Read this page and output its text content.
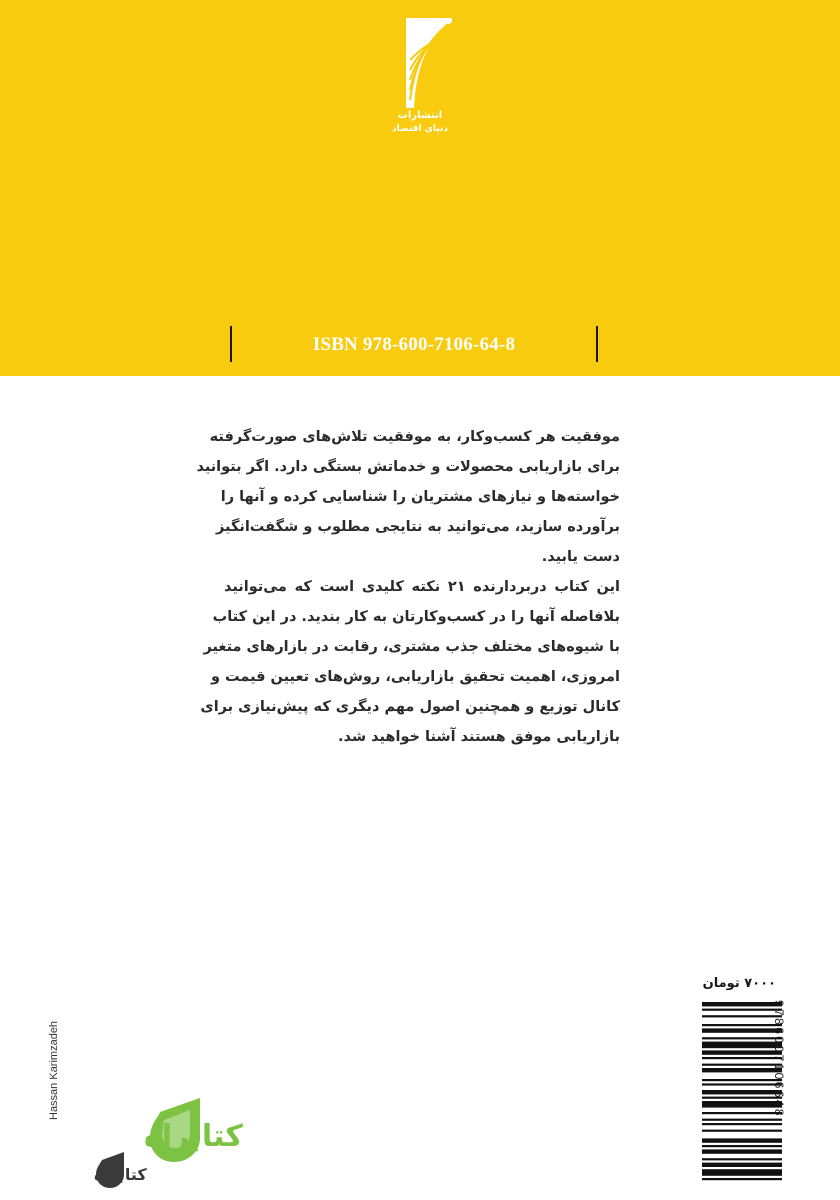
انتشارات
دنیای اقتصاد
ISBN 978-600-7106-64-8
موفقیت هر کسب‌وکار، به موفقیت تلاش‌های صورت‌گرفته
برای بازاریابی محصولات و خدماتش بستگی دارد. اگر بتوانید
خواسته‌ها و نیازهای مشتریان را شناسایی کرده و آنها را
برآورده سازید، می‌توانید به نتایجی مطلوب و شگفت‌انگیز
دست یابید.
این کتاب دربردارنده ۲۱ نکته کلیدی است که می‌توانید
بلافاصله آنها را در کسب‌وکارتان به کار بندید. در این کتاب
با شیوه‌های مختلف جذب مشتری، رقابت در بازارهای متغیر
امروزی، اهمیت تحقیق بازاریابی، روش‌های تعیین قیمت و
کانال توزیع و همچنین اصول مهم دیگری که پیش‌نیازی برای
بازاریابی موفق هستند آشنا خواهید شد.
۷۰۰۰ تومان
9786007106648
Hassan Karimzadeh
کتابراه
کتابراه
